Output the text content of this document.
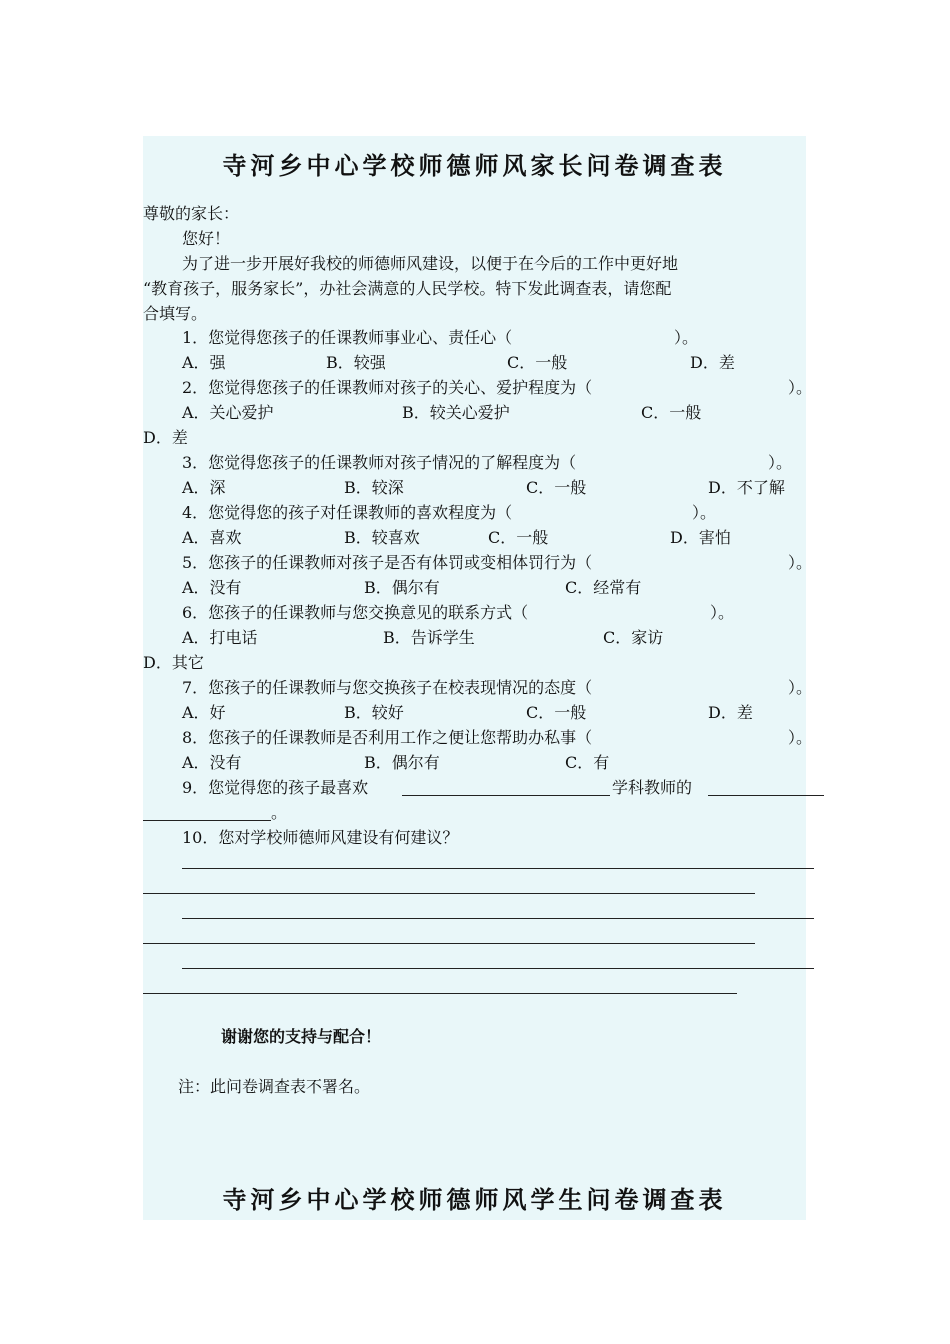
寺河乡中心学校师德师风家长问卷调查表
尊敬的家长：
您好！
为了进一步开展好我校的师德师风建设，以便于在今后的工作中更好地
“教育孩子，服务家长”，办社会满意的人民学校。特下发此调查表，请您配
合填写。
1．您觉得您孩子的任课教师事业心、责任心（	）。
A．强	B．较强	C．一般	D．差
2．您觉得您孩子的任课教师对孩子的关心、爱护程度为（	）。
A．关心爱护	B．较关心爱护	C．一般
D．差
3．您觉得您孩子的任课教师对孩子情况的了解程度为（	）。
A．深	B．较深	C．一般	D．不了解
4．您觉得您的孩子对任课教师的喜欢程度为（	）。
A．喜欢	B．较喜欢	C．一般	D．害怕
5．您孩子的任课教师对孩子是否有体罚或变相体罚行为（	）。
A．没有	B．偶尔有	C．经常有
6．您孩子的任课教师与您交换意见的联系方式（	）。
A．打电话	B．告诉学生	C．家访
D．其它
7．您孩子的任课教师与您交换孩子在校表现情况的态度（	）。
A．好	B．较好	C．一般	D．差
8．您孩子的任课教师是否利用工作之便让您帮助办私事（	）。
A．没有	B．偶尔有	C．有
9．您觉得您的孩子最喜欢	学科教师的
。
10．您对学校师德师风建设有何建议？
谢谢您的支持与配合！
注：此问卷调查表不署名。
寺河乡中心学校师德师风学生问卷调查表
